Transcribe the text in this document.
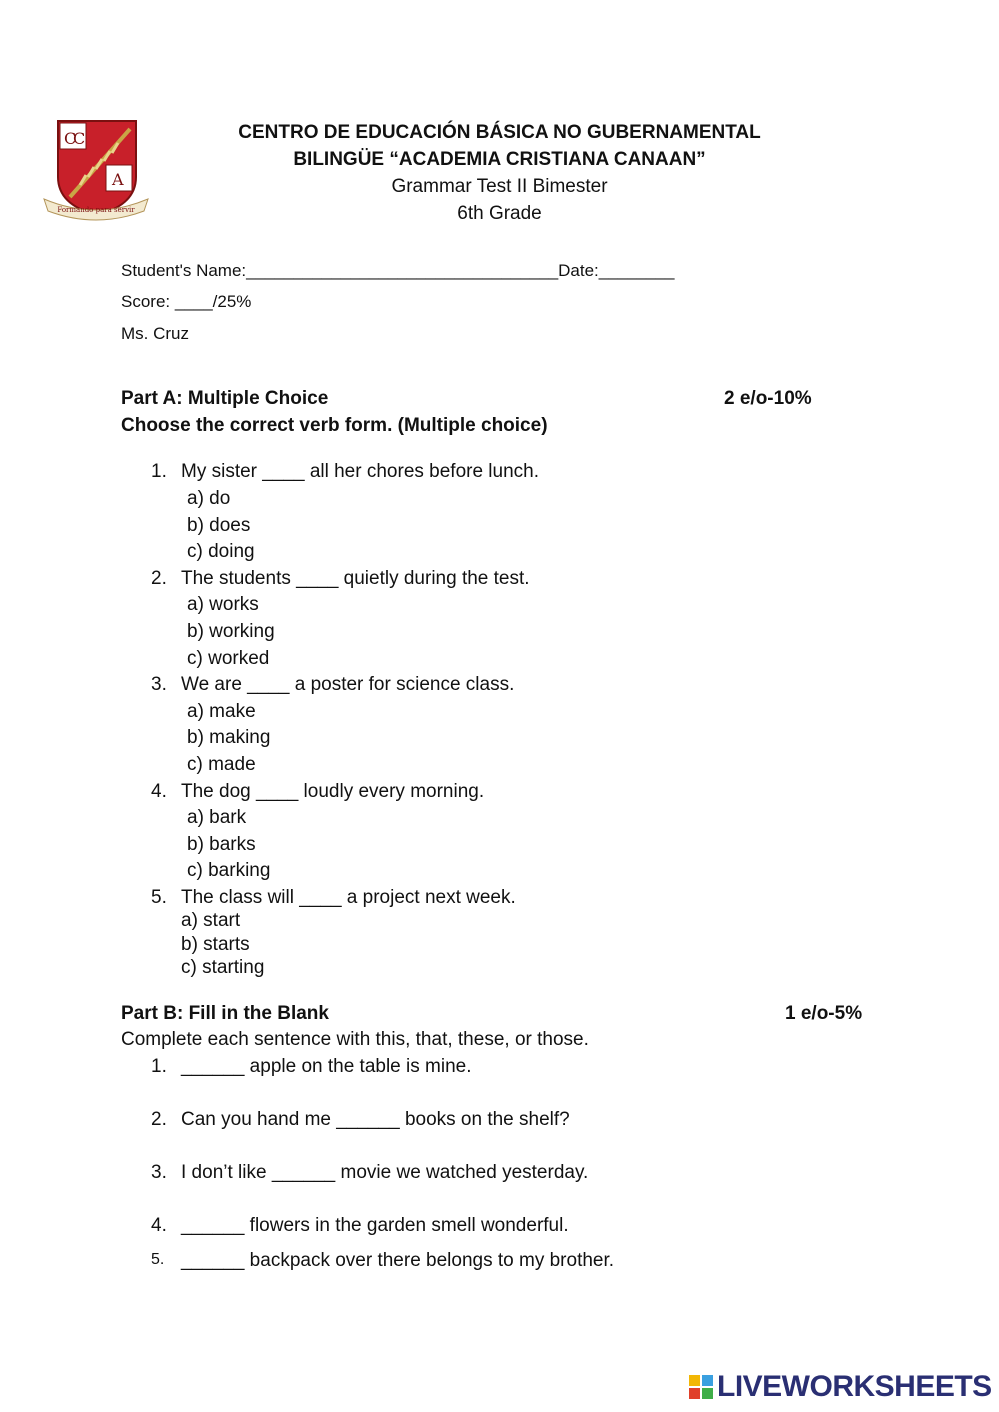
C
C
A
Formando para servir
CENTRO DE EDUCACIÓN BÁSICA NO GUBERNAMENTAL
BILINGÜE “ACADEMIA CRISTIANA CANAAN”
Grammar Test II Bimester
6th Grade
Student's Name:_________________________________Date:________
Score: ____/25%
Ms. Cruz
Part A: Multiple Choice	2 e/o-10%
Choose the correct verb form. (Multiple choice)
1. My sister ____ all her chores before lunch.
a) do
b) does
c) doing
2. The students ____ quietly during the test.
a) works
b) working
c) worked
3. We are ____ a poster for science class.
a) make
b) making
c) made
4. The dog ____ loudly every morning.
a) bark
b) barks
c) barking
5. The class will ____ a project next week.
a) start
b) starts
c) starting
Part B: Fill in the Blank	1 e/o-5%
Complete each sentence with this, that, these, or those.
1. ______ apple on the table is mine.
2. Can you hand me ______ books on the shelf?
3. I don’t like ______ movie we watched yesterday.
4. ______ flowers in the garden smell wonderful.
5. ______ backpack over there belongs to my brother.
LIVEWORKSHEETS
